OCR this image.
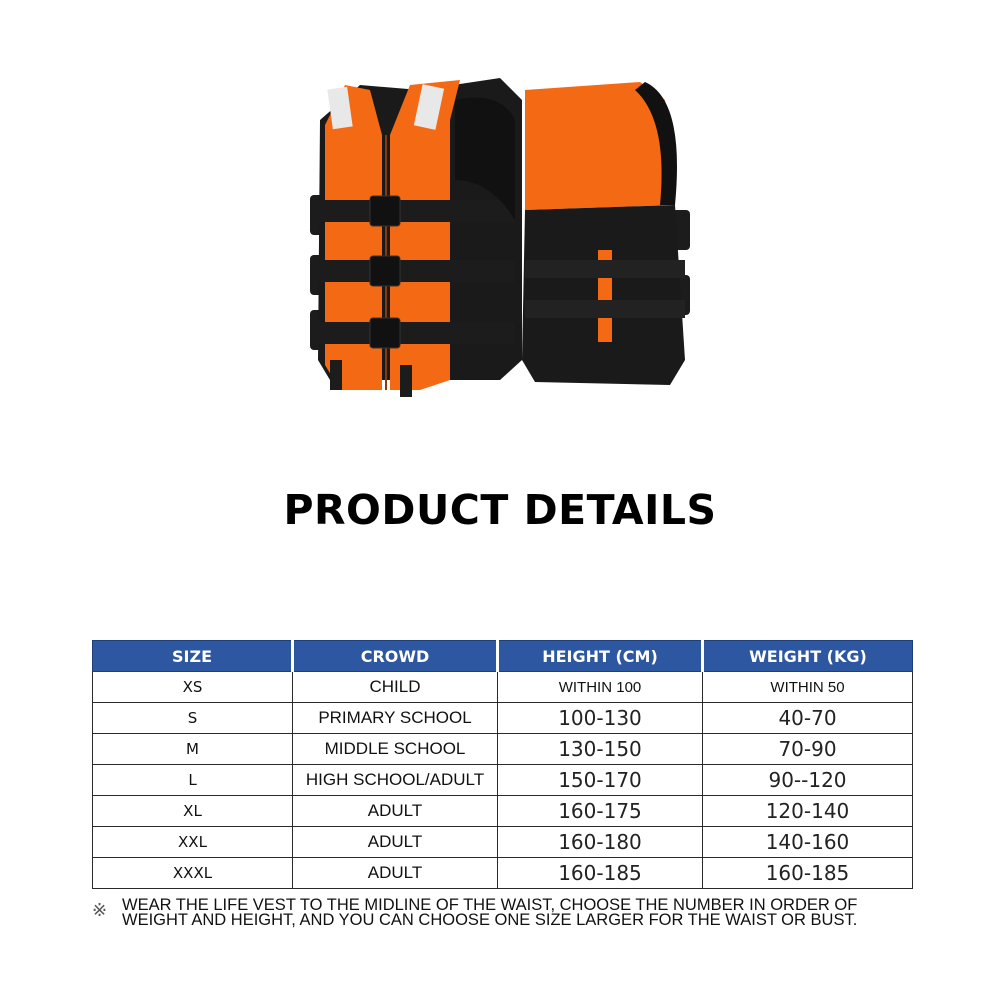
PRODUCT DETAILS
SIZE	CROWD	HEIGHT (CM)	WEIGHT (KG)
XS	CHILD	WITHIN 100	WITHIN 50
S	PRIMARY SCHOOL	100-130	40-70
M	MIDDLE SCHOOL	130-150	70-90
L	HIGH SCHOOL/ADULT	150-170	90--120
XL	ADULT	160-175	120-140
XXL	ADULT	160-180	140-160
XXXL	ADULT	160-185	160-185
※ WEAR THE LIFE VEST TO THE MIDLINE OF THE WAIST, CHOOSE THE NUMBER IN ORDER OF WEIGHT AND HEIGHT, AND YOU CAN CHOOSE ONE SIZE LARGER FOR THE WAIST OR BUST.
